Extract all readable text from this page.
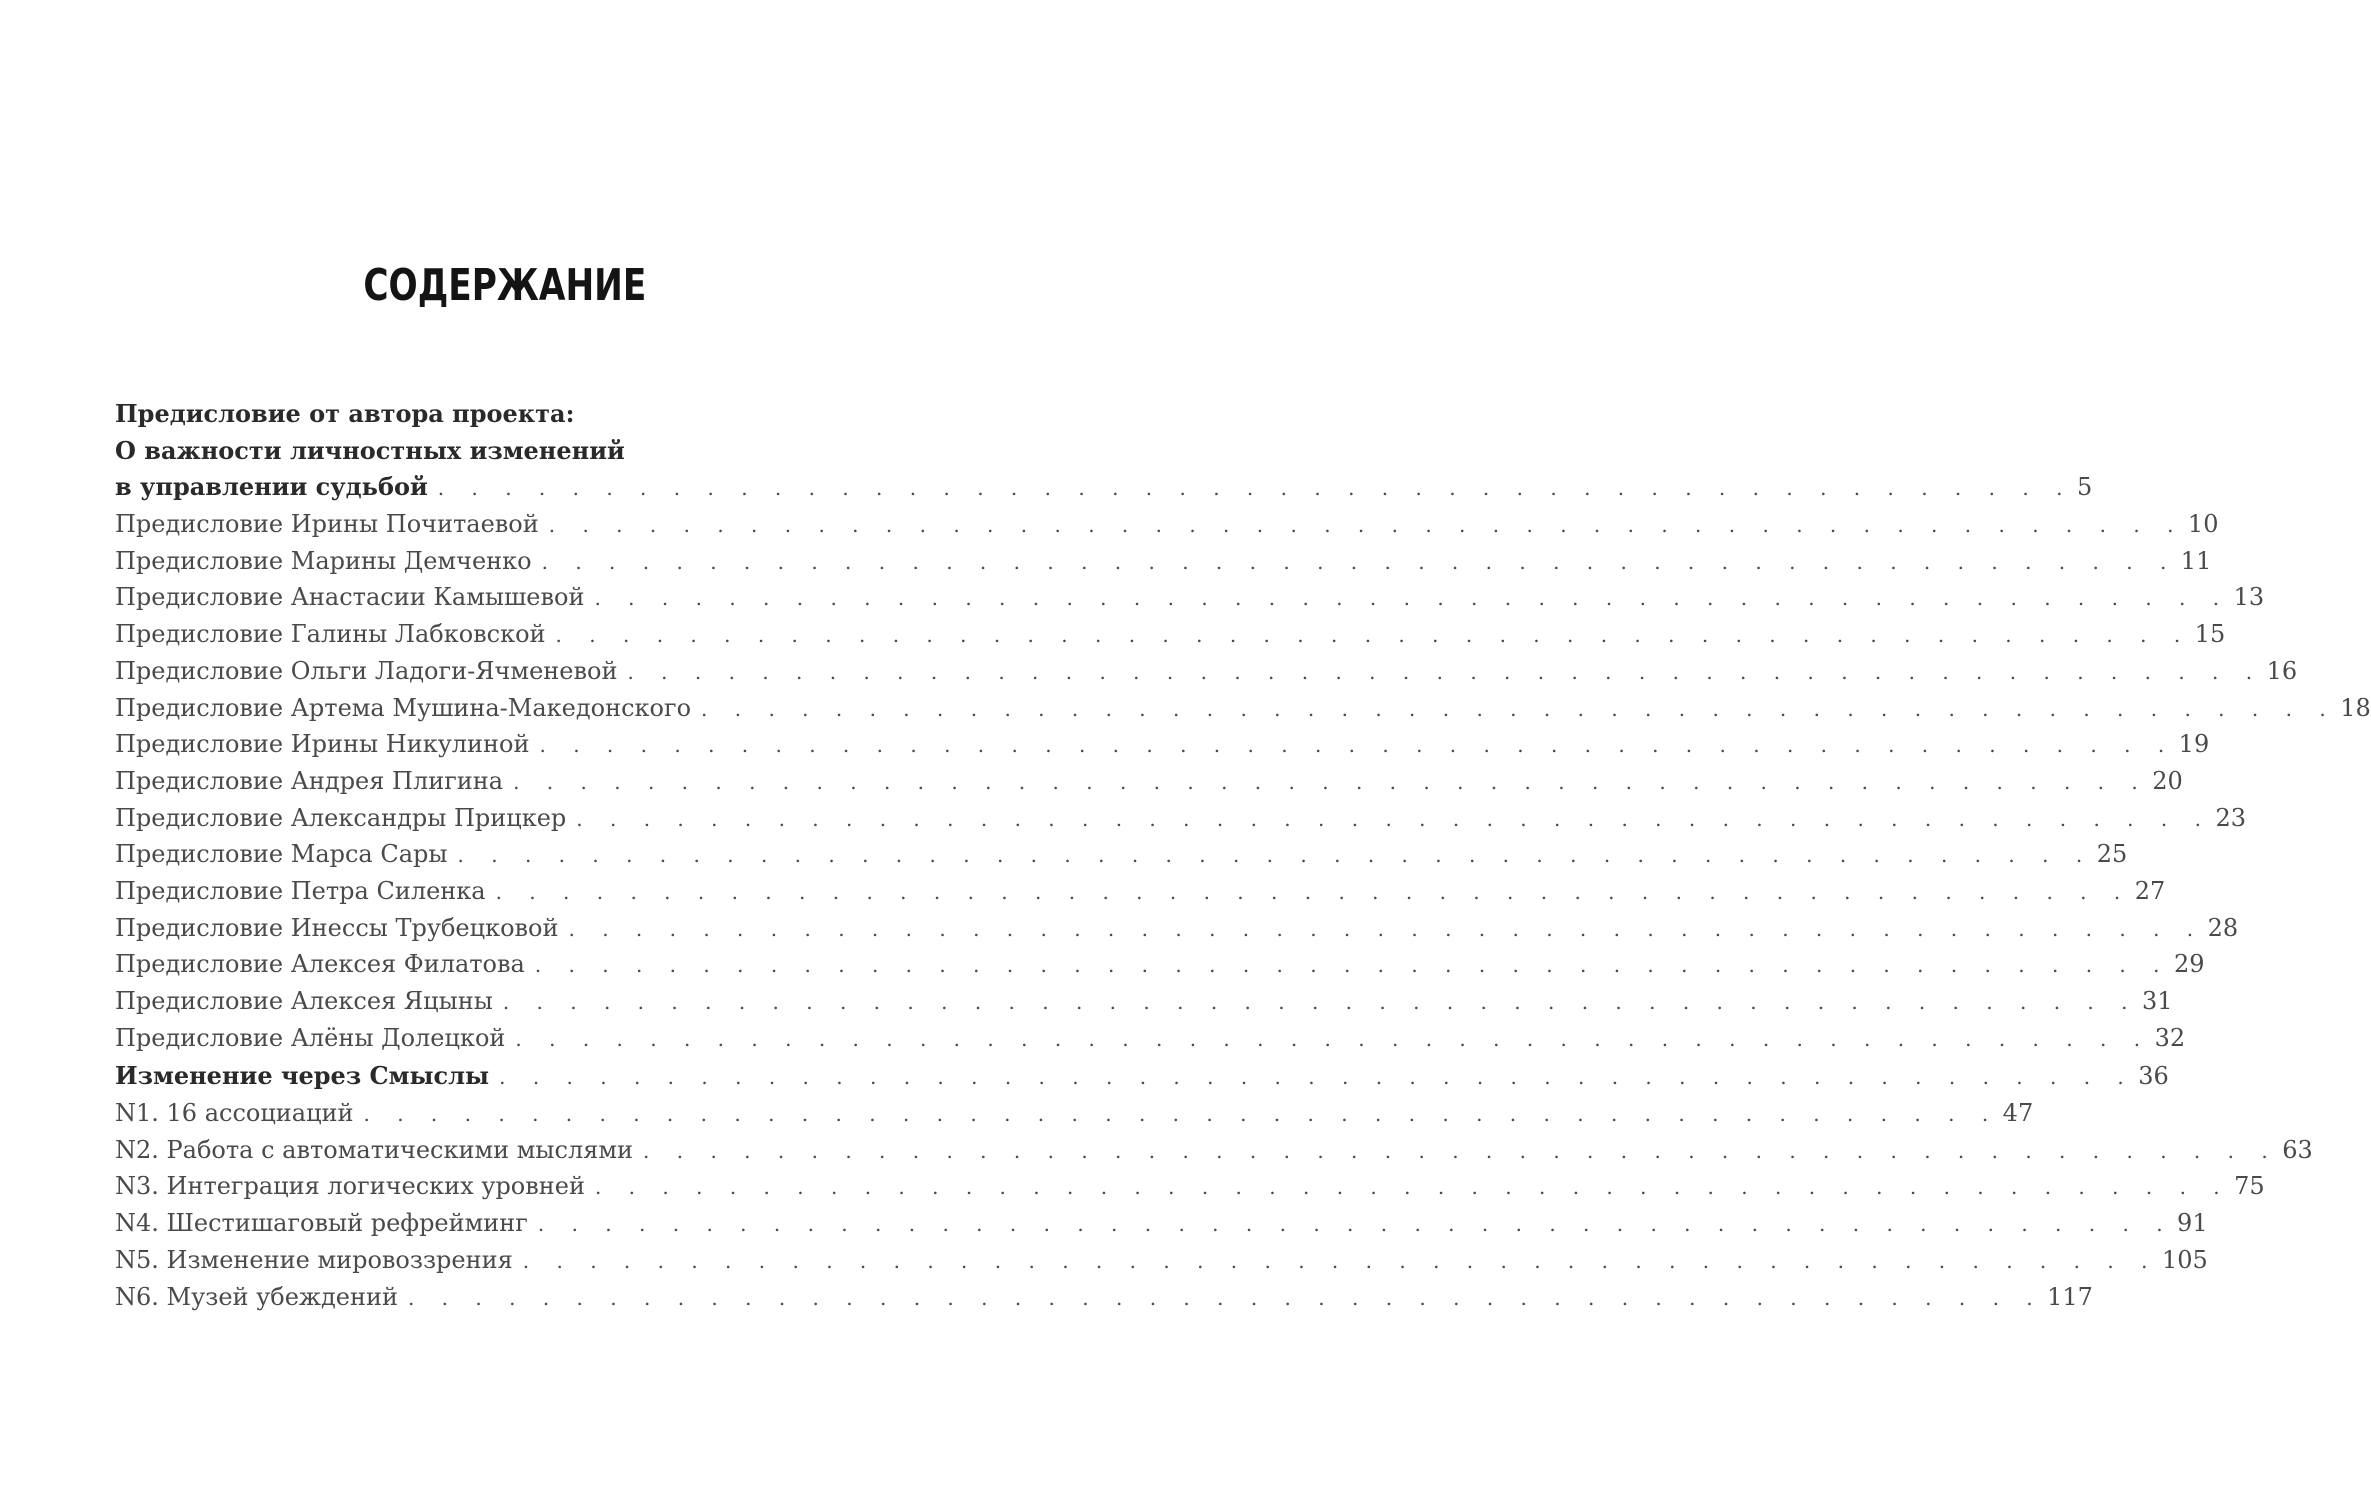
СОДЕРЖАНИЕ
Предисловие от автора проекта:
О важности личностных изменений
в управлении судьбой . . . . . . . . . . . . . . . . . . . . . . . . . . . . . . . . . . . . . . . . . . . . . . . . . 5
Предисловие Ирины Почитаевой . . . . . . . . . . . . . . . . . . . . . . . . . . . . . . . . . . . . . . . . . . . . . . . . . 10
Предисловие Марины Демченко . . . . . . . . . . . . . . . . . . . . . . . . . . . . . . . . . . . . . . . . . . . . . . . . . 11
Предисловие Анастасии Камышевой . . . . . . . . . . . . . . . . . . . . . . . . . . . . . . . . . . . . . . . . . . . . . . . . . 13
Предисловие Галины Лабковской . . . . . . . . . . . . . . . . . . . . . . . . . . . . . . . . . . . . . . . . . . . . . . . . . 15
Предисловие Ольги Ладоги-Ячменевой . . . . . . . . . . . . . . . . . . . . . . . . . . . . . . . . . . . . . . . . . . . . . . . . . 16
Предисловие Артема Мушина-Македонского . . . . . . . . . . . . . . . . . . . . . . . . . . . . . . . . . . . . . . . . . . . . . . . . . 18
Предисловие Ирины Никулиной . . . . . . . . . . . . . . . . . . . . . . . . . . . . . . . . . . . . . . . . . . . . . . . . . 19
Предисловие Андрея Плигина . . . . . . . . . . . . . . . . . . . . . . . . . . . . . . . . . . . . . . . . . . . . . . . . . 20
Предисловие Александры Прицкер . . . . . . . . . . . . . . . . . . . . . . . . . . . . . . . . . . . . . . . . . . . . . . . . . 23
Предисловие Марса Сары . . . . . . . . . . . . . . . . . . . . . . . . . . . . . . . . . . . . . . . . . . . . . . . . . 25
Предисловие Петра Силенка . . . . . . . . . . . . . . . . . . . . . . . . . . . . . . . . . . . . . . . . . . . . . . . . . 27
Предисловие Инессы Трубецковой . . . . . . . . . . . . . . . . . . . . . . . . . . . . . . . . . . . . . . . . . . . . . . . . . 28
Предисловие Алексея Филатова . . . . . . . . . . . . . . . . . . . . . . . . . . . . . . . . . . . . . . . . . . . . . . . . . 29
Предисловие Алексея Яцыны . . . . . . . . . . . . . . . . . . . . . . . . . . . . . . . . . . . . . . . . . . . . . . . . . 31
Предисловие Алёны Долецкой . . . . . . . . . . . . . . . . . . . . . . . . . . . . . . . . . . . . . . . . . . . . . . . . . 32
Изменение через Смыслы . . . . . . . . . . . . . . . . . . . . . . . . . . . . . . . . . . . . . . . . . . . . . . . . . 36
N1. 16 ассоциаций . . . . . . . . . . . . . . . . . . . . . . . . . . . . . . . . . . . . . . . . . . . . . . . . . 47
N2. Работа с автоматическими мыслями . . . . . . . . . . . . . . . . . . . . . . . . . . . . . . . . . . . . . . . . . . . . . . . . . 63
N3. Интеграция логических уровней . . . . . . . . . . . . . . . . . . . . . . . . . . . . . . . . . . . . . . . . . . . . . . . . . 75
N4. Шестишаговый рефрейминг . . . . . . . . . . . . . . . . . . . . . . . . . . . . . . . . . . . . . . . . . . . . . . . . . 91
N5. Изменение мировоззрения . . . . . . . . . . . . . . . . . . . . . . . . . . . . . . . . . . . . . . . . . . . . . . . . . 105
N6. Музей убеждений . . . . . . . . . . . . . . . . . . . . . . . . . . . . . . . . . . . . . . . . . . . . . . . . . 117
